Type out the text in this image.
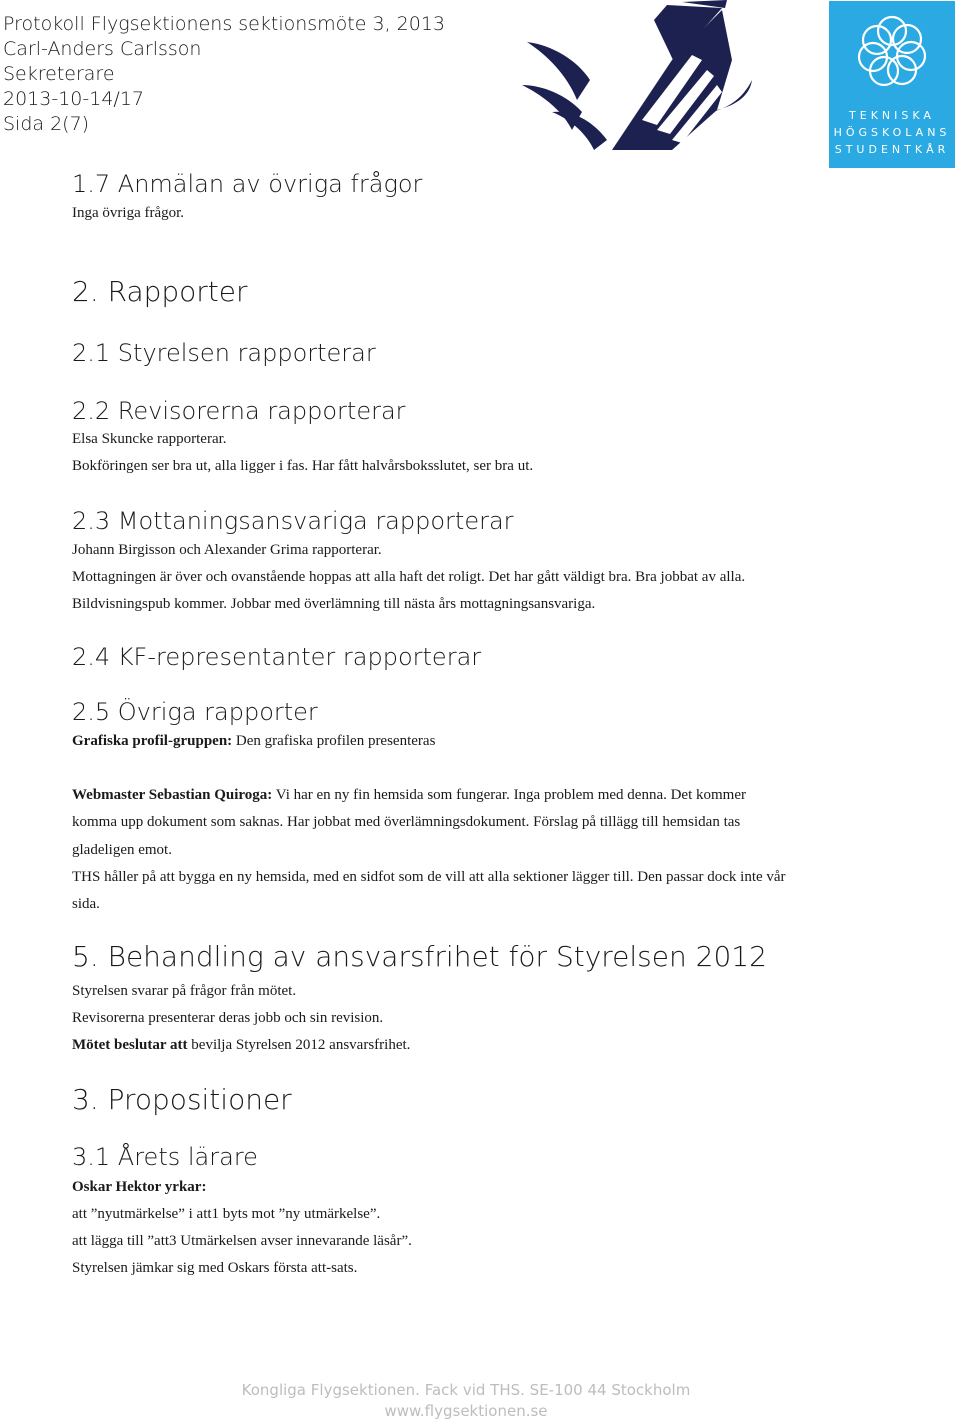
Protokoll Flygsektionens sektionsmöte 3, 2013
Carl-Anders Carlsson
Sekreterare
2013-10-14/17
Sida 2(7)	TEKNISKA
HÖGSKOLANS
STUDENTKÅR
1.7 Anmälan av övriga frågor
Inga övriga frågor.
2. Rapporter
2.1 Styrelsen rapporterar
2.2 Revisorerna rapporterar
Elsa Skuncke rapporterar.
Bokföringen ser bra ut, alla ligger i fas. Har fått halvårsboksslutet, ser bra ut.
2.3 Mottaningsansvariga rapporterar
Johann Birgisson och Alexander Grima rapporterar.
Mottagningen är över och ovanstående hoppas att alla haft det roligt. Det har gått väldigt bra. Bra jobbat av alla.
Bildvisningspub kommer. Jobbar med överlämning till nästa års mottagningsansvariga.
2.4 KF-representanter rapporterar
2.5 Övriga rapporter
Grafiska profil-gruppen: Den grafiska profilen presenteras
Webmaster Sebastian Quiroga: Vi har en ny fin hemsida som fungerar. Inga problem med denna. Det kommer
komma upp dokument som saknas. Har jobbat med överlämningsdokument. Förslag på tillägg till hemsidan tas
gladeligen emot.
THS håller på att bygga en ny hemsida, med en sidfot som de vill att alla sektioner lägger till. Den passar dock inte vår
sida.
5. Behandling av ansvarsfrihet för Styrelsen 2012
Styrelsen svarar på frågor från mötet.
Revisorerna presenterar deras jobb och sin revision.
Mötet beslutar att bevilja Styrelsen 2012 ansvarsfrihet.
3. Propositioner
3.1 Årets lärare
Oskar Hektor yrkar:
att ”nyutmärkelse” i att1 byts mot ”ny utmärkelse”.
att lägga till ”att3 Utmärkelsen avser innevarande läsår”.
Styrelsen jämkar sig med Oskars första att-sats.
Kongliga Flygsektionen. Fack vid THS. SE-100 44 Stockholm
www.flygsektionen.se
